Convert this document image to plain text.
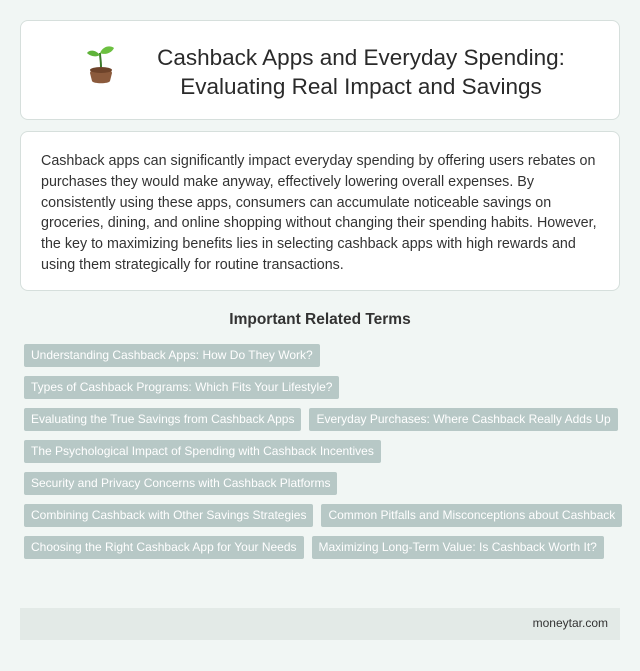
Cashback Apps and Everyday Spending: Evaluating Real Impact and Savings

Cashback apps can significantly impact everyday spending by offering users rebates on purchases they would make anyway, effectively lowering overall expenses. By consistently using these apps, consumers can accumulate noticeable savings on groceries, dining, and online shopping without changing their spending habits. However, the key to maximizing benefits lies in selecting cashback apps with high rewards and using them strategically for routine transactions.

Important Related Terms
Understanding Cashback Apps: How Do They Work?
Types of Cashback Programs: Which Fits Your Lifestyle?
Evaluating the True Savings from Cashback Apps	Everyday Purchases: Where Cashback Really Adds Up
The Psychological Impact of Spending with Cashback Incentives
Security and Privacy Concerns with Cashback Platforms
Combining Cashback with Other Savings Strategies	Common Pitfalls and Misconceptions about Cashback
Choosing the Right Cashback App for Your Needs	Maximizing Long-Term Value: Is Cashback Worth It?
moneytar.com
